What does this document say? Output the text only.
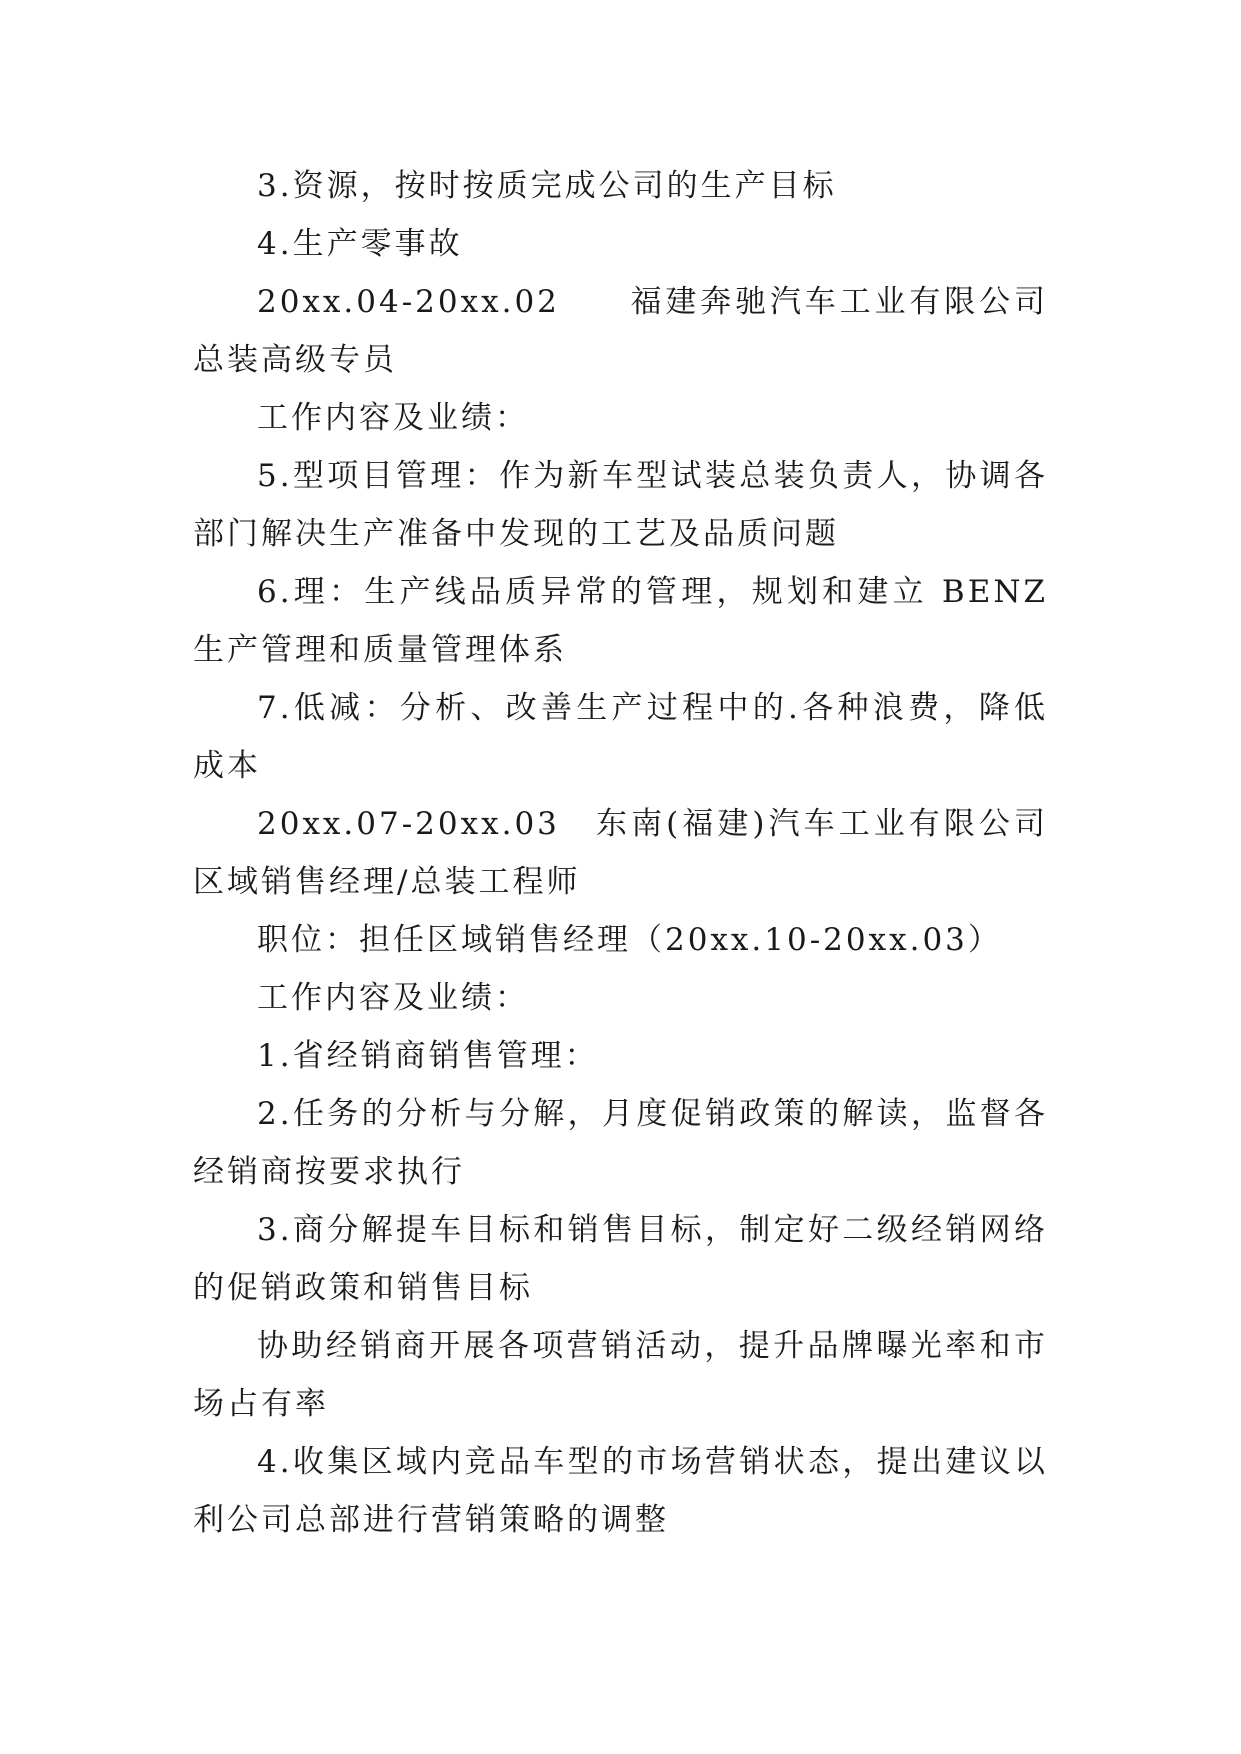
3.资源，按时按质完成公司的生产目标

4.生产零事故

20xx.04-20xx.02　　福建奔驰汽车工业有限公司　总装高级专员

工作内容及业绩：

5.型项目管理：作为新车型试装总装负责人，协调各部门解决生产准备中发现的工艺及品质问题

6.理：生产线品质异常的管理，规划和建立 BENZ 生产管理和质量管理体系

7.低减：分析、改善生产过程中的.各种浪费，降低成本

20xx.07-20xx.03　东南(福建)汽车工业有限公司 区域销售经理/总装工程师

职位：担任区域销售经理（20xx.10-20xx.03）

工作内容及业绩：

1.省经销商销售管理：

2.任务的分析与分解，月度促销政策的解读，监督各经销商按要求执行

3.商分解提车目标和销售目标，制定好二级经销网络的促销政策和销售目标

协助经销商开展各项营销活动，提升品牌曝光率和市场占有率

4.收集区域内竞品车型的市场营销状态，提出建议以利公司总部进行营销策略的调整
